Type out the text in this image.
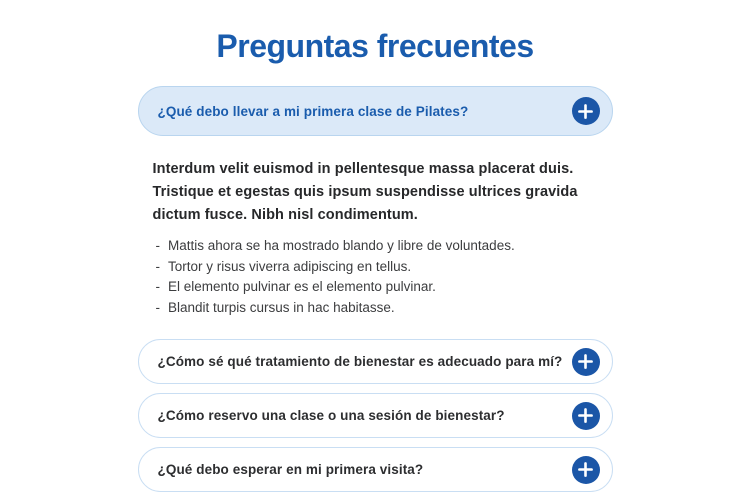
Preguntas frecuentes
¿Qué debo llevar a mi primera clase de Pilates?

Interdum velit euismod in pellentesque massa placerat duis. Tristique et egestas quis ipsum suspendisse ultrices gravida dictum fusce. Nibh nisl condimentum.

- Mattis ahora se ha mostrado blando y libre de voluntades.
- Tortor y risus viverra adipiscing en tellus.
- El elemento pulvinar es el elemento pulvinar.
- Blandit turpis cursus in hac habitasse.
¿Cómo sé qué tratamiento de bienestar es adecuado para mí?
¿Cómo reservo una clase o una sesión de bienestar?
¿Qué debo esperar en mi primera visita?
